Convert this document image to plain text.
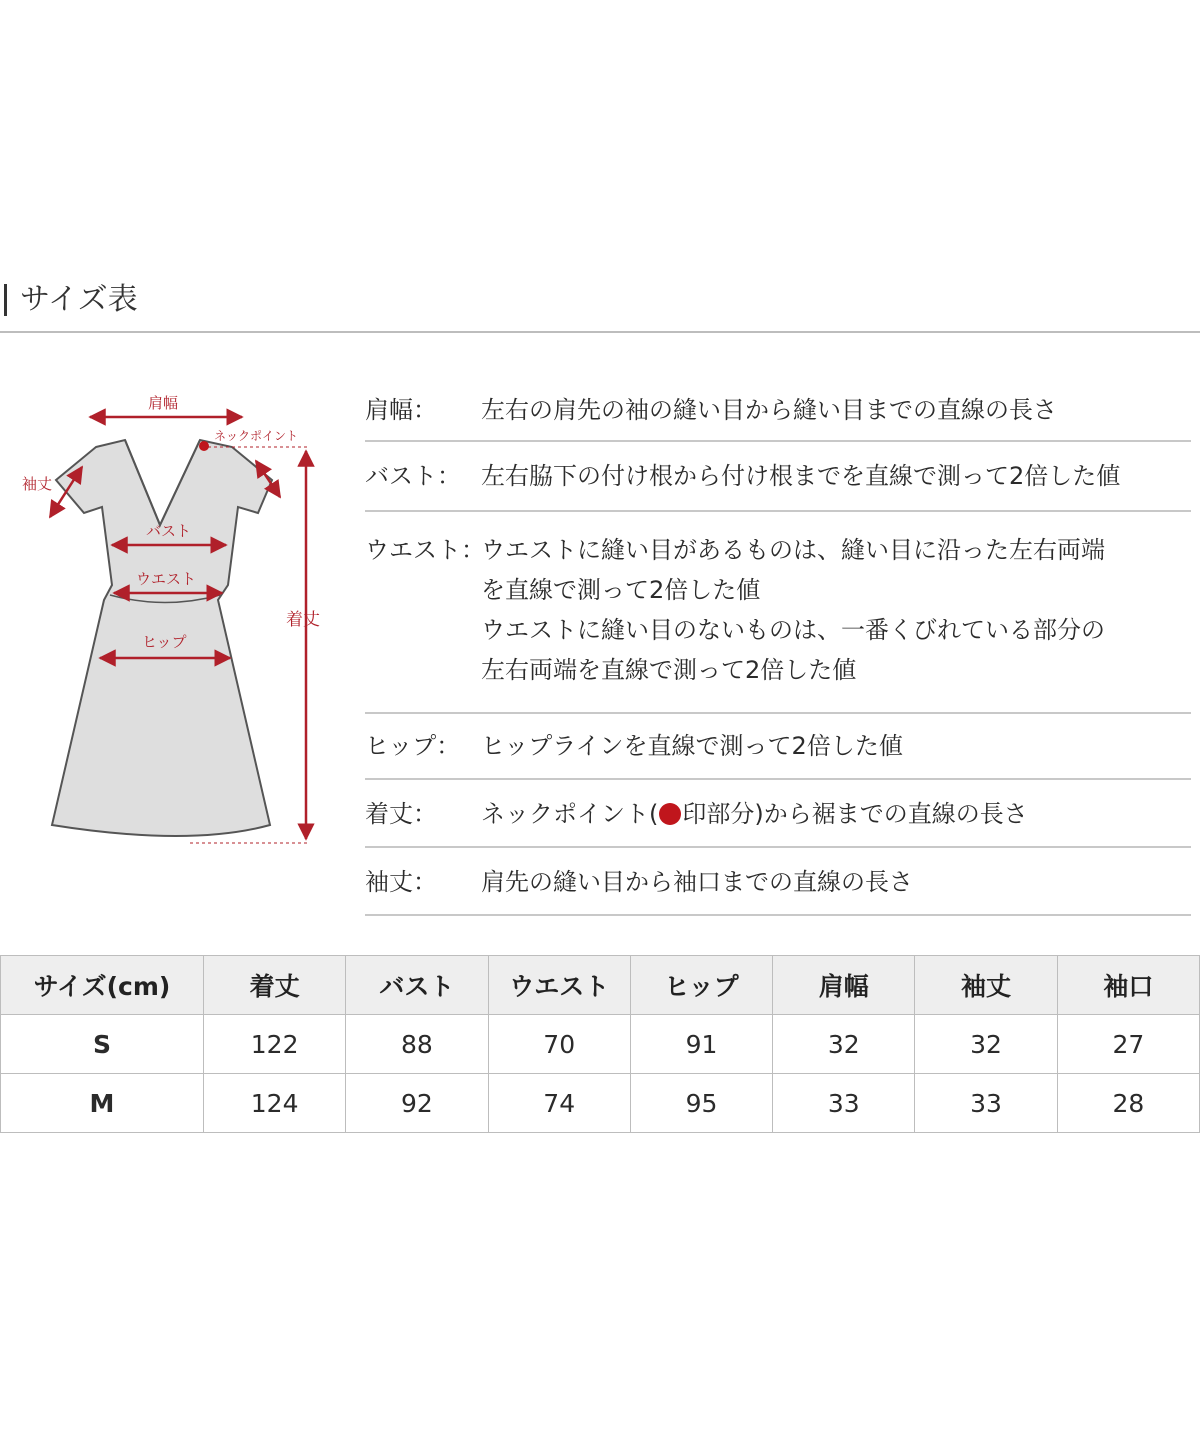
サイズ表
肩幅
ネックポイント
袖丈
バスト
ウエスト
ヒップ
着丈
肩幅：	左右の肩先の袖の縫い目から縫い目までの直線の長さ
バスト： 左右脇下の付け根から付け根までを直線で測って2倍した値
ウエスト：
ウエストに縫い目があるものは、縫い目に沿った左右両端
を直線で測って2倍した値
ウエストに縫い目のないものは、一番くびれている部分の
左右両端を直線で測って2倍した値
ヒップ： ヒップラインを直線で測って2倍した値
着丈：	ネックポイント( 印部分)から裾までの直線の長さ
袖丈：	肩先の縫い目から袖口までの直線の長さ
サイズ(cm)	着丈	バスト	ウエスト	ヒップ	肩幅	袖丈	袖口
S	122	88	70	91	32	32	27
M	124	92	74	95	33	33	28
